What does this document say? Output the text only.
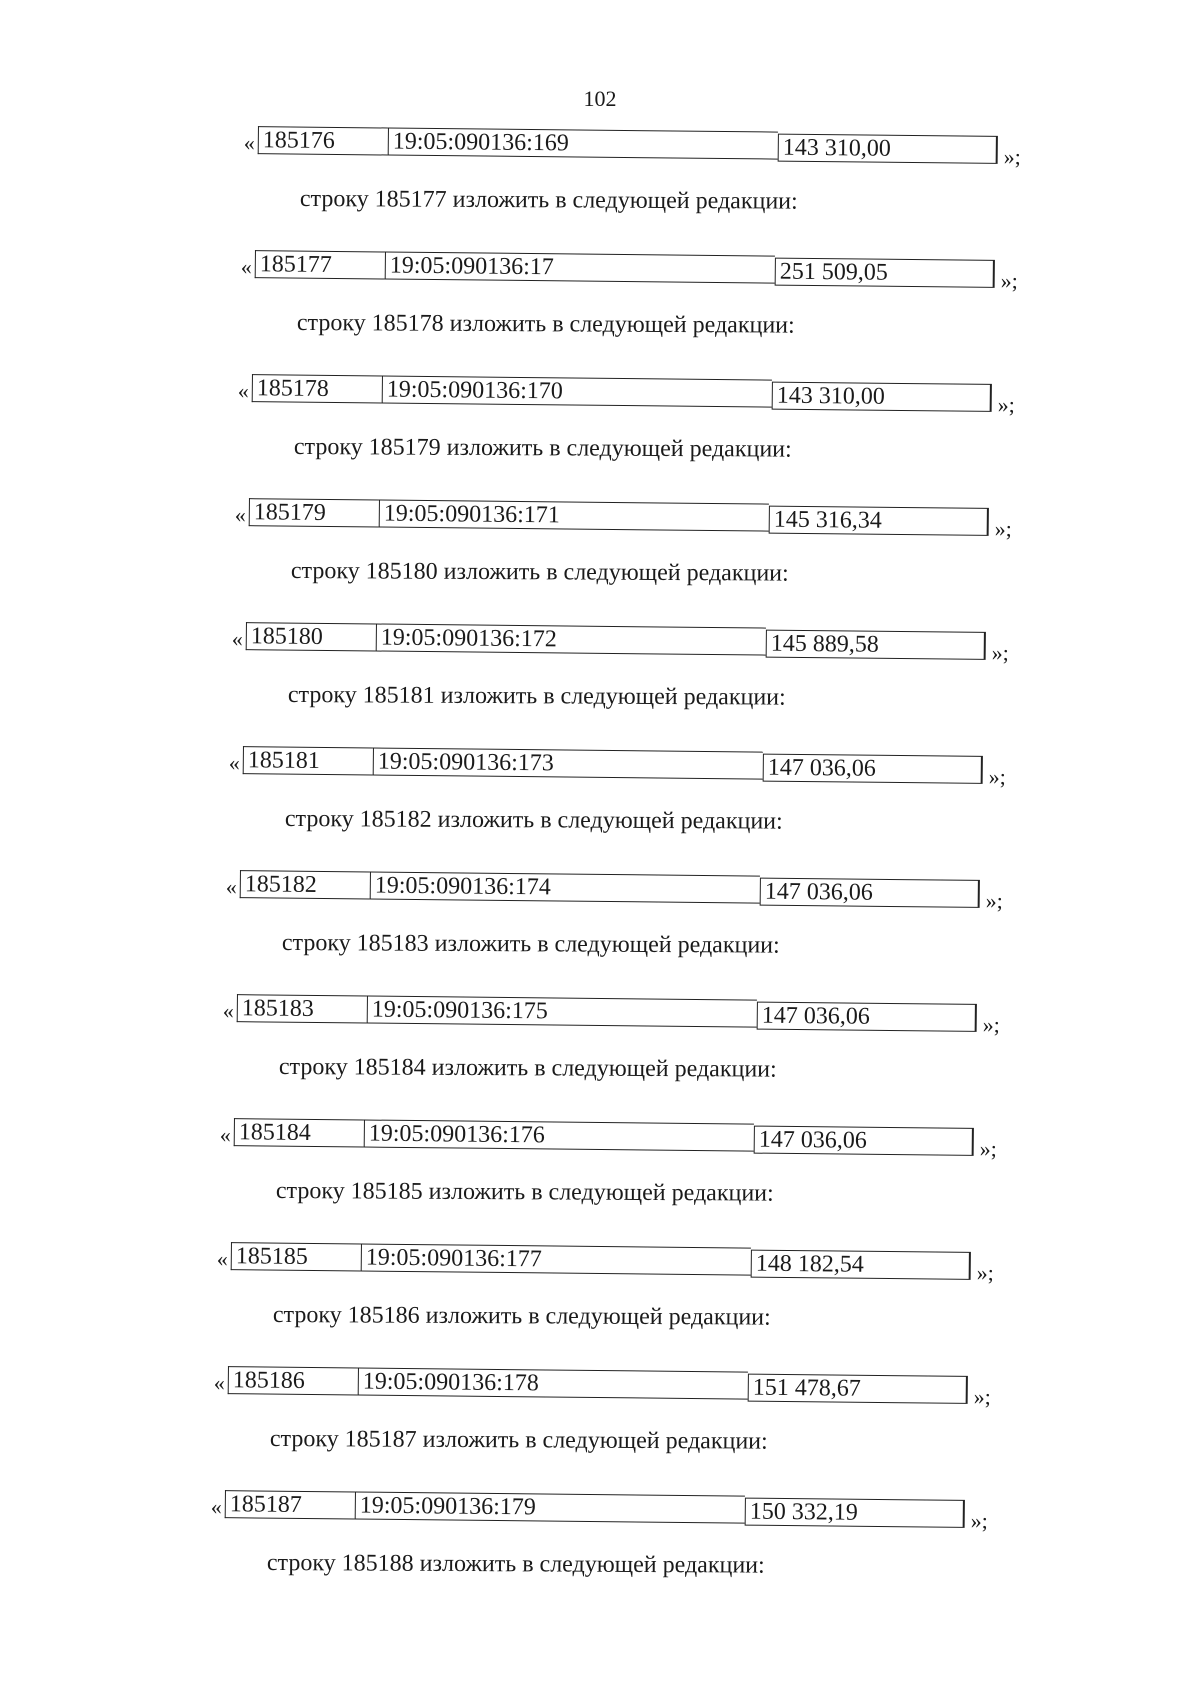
102
« 185176	19:05:090136:169	143 310,00	»;
строку 185177 изложить в следующей редакции:
« 185177	19:05:090136:17	251 509,05	»;
строку 185178 изложить в следующей редакции:
« 185178	19:05:090136:170	143 310,00	»;
строку 185179 изложить в следующей редакции:
« 185179	19:05:090136:171	145 316,34	»;
строку 185180 изложить в следующей редакции:
« 185180	19:05:090136:172	145 889,58	»;
строку 185181 изложить в следующей редакции:
« 185181	19:05:090136:173	147 036,06	»;
строку 185182 изложить в следующей редакции:
« 185182	19:05:090136:174	147 036,06	»;
строку 185183 изложить в следующей редакции:
« 185183	19:05:090136:175	147 036,06	»;
строку 185184 изложить в следующей редакции:
« 185184	19:05:090136:176	147 036,06	»;
строку 185185 изложить в следующей редакции:
« 185185	19:05:090136:177	148 182,54	»;
строку 185186 изложить в следующей редакции:
« 185186	19:05:090136:178	151 478,67	»;
строку 185187 изложить в следующей редакции:
« 185187	19:05:090136:179	150 332,19	»;
строку 185188 изложить в следующей редакции:
